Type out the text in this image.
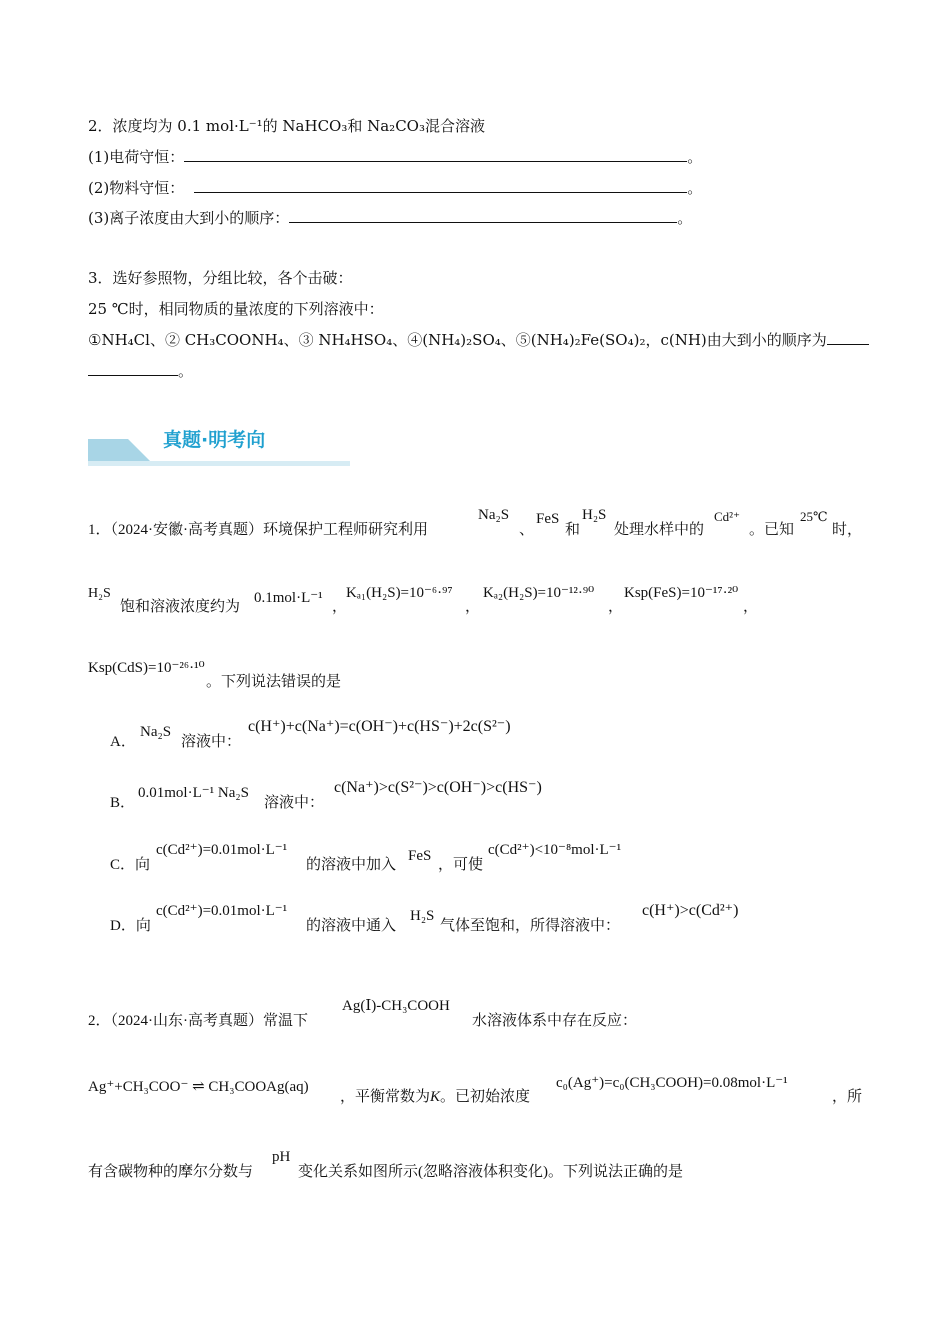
2．浓度均为 0.1 mol·L⁻¹的 NaHCO₃和 Na₂CO₃混合溶液
(1)电荷守恒：	。
(2)物料守恒：	。
(3)离子浓度由大到小的顺序：	。
3．选好参照物，分组比较，各个击破：
25 ℃时，相同物质的量浓度的下列溶液中：
①NH₄Cl、② CH₃COONH₄、③ NH₄HSO₄、④(NH₄)₂SO₄、⑤(NH₄)₂Fe(SO₄)₂，c(NH)由大到小的顺序为
。
真题·明考向
1．（2024·安徽·高考真题）环境保护工程师研究利用
Na₂S
、
FeS
和
H₂S
处理水样中的
Cd²⁺
。已知
25℃
时，
H₂S
饱和溶液浓度约为
0.1mol·L⁻¹
，
Kₐ₁(H₂S)=10⁻⁶·⁹⁷
，
Kₐ₂(H₂S)=10⁻¹²·⁹⁰
，
Ksp(FeS)=10⁻¹⁷·²⁰
，
Ksp(CdS)=10⁻²⁶·¹⁰
。下列说法错误的是
A．
Na₂S
溶液中：
c(H⁺)+c(Na⁺)=c(OH⁻)+c(HS⁻)+2c(S²⁻)
B．
0.01mol·L⁻¹ Na₂S
溶液中：
c(Na⁺)>c(S²⁻)>c(OH⁻)>c(HS⁻)
C．向
c(Cd²⁺)=0.01mol·L⁻¹
的溶液中加入
FeS
，可使
c(Cd²⁺)<10⁻⁸mol·L⁻¹
D．向
c(Cd²⁺)=0.01mol·L⁻¹
的溶液中通入
H₂S
气体至饱和，所得溶液中：
c(H⁺)>c(Cd²⁺)
2．（2024·山东·高考真题）常温下
Ag(Ⅰ)-CH₃COOH
水溶液体系中存在反应：
Ag⁺+CH₃COO⁻ ⇌ CH₃COOAg(aq)
，平衡常数为K。已初始浓度
c₀(Ag⁺)=c₀(CH₃COOH)=0.08mol·L⁻¹
，所
有含碳物种的摩尔分数与
pH
变化关系如图所示(忽略溶液体积变化)。下列说法正确的是
